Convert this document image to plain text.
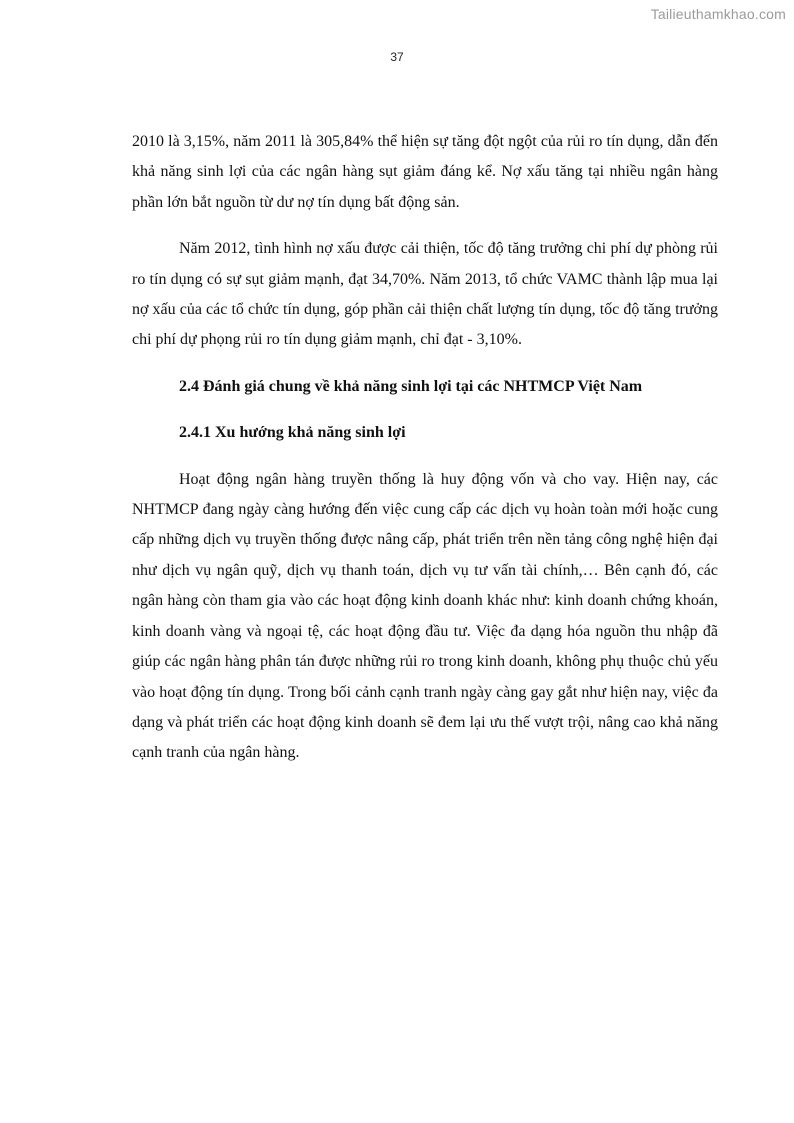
Tailieuthamkhao.com
37

2010 là 3,15%, năm 2011 là 305,84% thể hiện sự tăng đột ngột của rủi ro tín dụng, dẫn đến khả năng sinh lợi của các ngân hàng sụt giảm đáng kể. Nợ xấu tăng tại nhiều ngân hàng phần lớn bắt nguồn từ dư nợ tín dụng bất động sản.

Năm 2012, tình hình nợ xấu được cải thiện, tốc độ tăng trưởng chi phí dự phòng rủi ro tín dụng có sự sụt giảm mạnh, đạt 34,70%. Năm 2013, tổ chức VAMC thành lập mua lại nợ xấu của các tổ chức tín dụng, góp phần cải thiện chất lượng tín dụng, tốc độ tăng trưởng chi phí dự phọng rủi ro tín dụng giảm mạnh, chỉ đạt - 3,10%.

2.4 Đánh giá chung về khả năng sinh lợi tại các NHTMCP Việt Nam
2.4.1 Xu hướng khả năng sinh lợi

Hoạt động ngân hàng truyền thống là huy động vốn và cho vay. Hiện nay, các NHTMCP đang ngày càng hướng đến việc cung cấp các dịch vụ hoàn toàn mới hoặc cung cấp những dịch vụ truyền thống được nâng cấp, phát triển trên nền tảng công nghệ hiện đại như dịch vụ ngân quỹ, dịch vụ thanh toán, dịch vụ tư vấn tài chính,… Bên cạnh đó, các ngân hàng còn tham gia vào các hoạt động kinh doanh khác như: kinh doanh chứng khoán, kinh doanh vàng và ngoại tệ, các hoạt động đầu tư. Việc đa dạng hóa nguồn thu nhập đã giúp các ngân hàng phân tán được những rủi ro trong kinh doanh, không phụ thuộc chủ yếu vào hoạt động tín dụng. Trong bối cảnh cạnh tranh ngày càng gay gắt như hiện nay, việc đa dạng và phát triển các hoạt động kinh doanh sẽ đem lại ưu thế vượt trội, nâng cao khả năng cạnh tranh của ngân hàng.
